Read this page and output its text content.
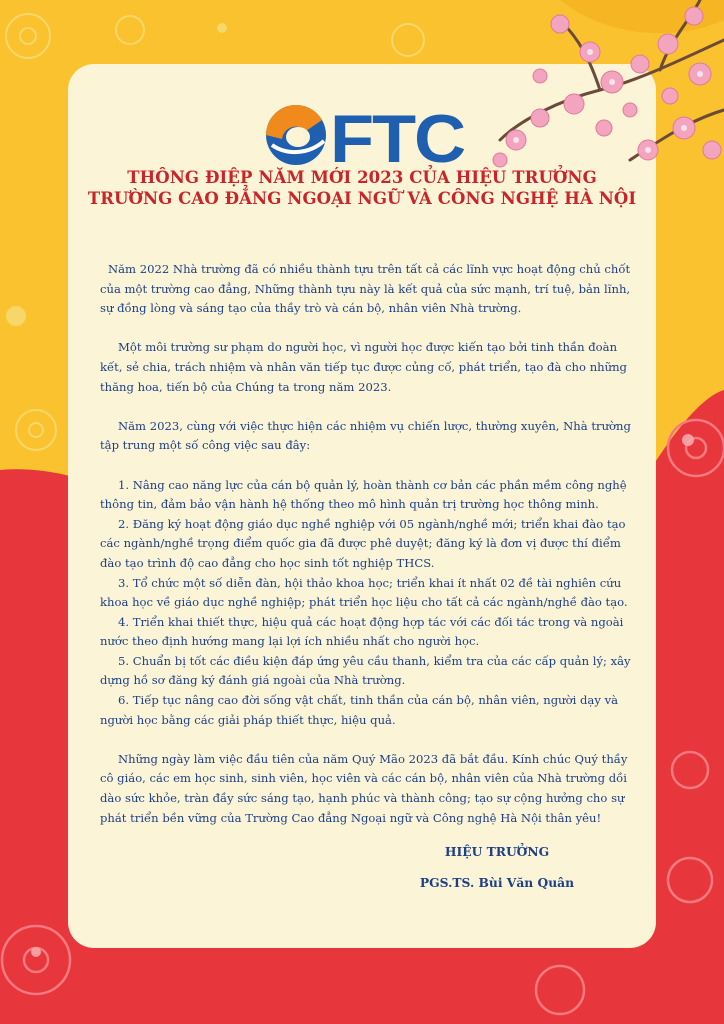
FTC
THÔNG ĐIỆP NĂM MỚI 2023 CỦA HIỆU TRƯỞNG
TRƯỜNG CAO ĐẲNG NGOẠI NGỮ VÀ CÔNG NGHỆ HÀ NỘI

Năm 2022 Nhà trường đã có nhiều thành tựu trên tất cả các lĩnh vực hoạt động chủ chốt của một trường cao đẳng, Những thành tựu này là kết quả của sức mạnh, trí tuệ, bản lĩnh, sự đồng lòng và sáng tạo của thầy trò và cán bộ, nhân viên Nhà trường.

Một môi trường sư phạm do người học, vì người học được kiến tạo bởi tinh thần đoàn kết, sẻ chia, trách nhiệm và nhân văn tiếp tục được củng cố, phát triển, tạo đà cho những thăng hoa, tiến bộ của Chúng ta trong năm 2023.

Năm 2023, cùng với việc thực hiện các nhiệm vụ chiến lược, thường xuyên, Nhà trường tập trung một số công việc sau đây:

1. Nâng cao năng lực của cán bộ quản lý, hoàn thành cơ bản các phần mềm công nghệ thông tin, đảm bảo vận hành hệ thống theo mô hình quản trị trường học thông minh.
2. Đăng ký hoạt động giáo dục nghề nghiệp với 05 ngành/nghề mới; triển khai đào tạo các ngành/nghề trọng điểm quốc gia đã được phê duyệt; đăng ký là đơn vị được thí điểm đào tạo trình độ cao đẳng cho học sinh tốt nghiệp THCS.
3. Tổ chức một số diễn đàn, hội thảo khoa học; triển khai ít nhất 02 đề tài nghiên cứu khoa học về giáo dục nghề nghiệp; phát triển học liệu cho tất cả các ngành/nghề đào tạo.
4. Triển khai thiết thực, hiệu quả các hoạt động hợp tác với các đối tác trong và ngoài nước theo định hướng mang lại lợi ích nhiều nhất cho người học.
5. Chuẩn bị tốt các điều kiện đáp ứng yêu cầu thanh, kiểm tra của các cấp quản lý; xây dựng hồ sơ đăng ký đánh giá ngoài của Nhà trường.
6. Tiếp tục nâng cao đời sống vật chất, tinh thần của cán bộ, nhân viên, người dạy và người học bằng các giải pháp thiết thực, hiệu quả.

Những ngày làm việc đầu tiên của năm Quý Mão 2023 đã bắt đầu. Kính chúc Quý thầy cô giáo, các em học sinh, sinh viên, học viên và các cán bộ, nhân viên của Nhà trường dồi dào sức khỏe, tràn đầy sức sáng tạo, hạnh phúc và thành công; tạo sự cộng hưởng cho sự phát triển bền vững của Trường Cao đẳng Ngoại ngữ và Công nghệ Hà Nội thân yêu!

HIỆU TRƯỞNG
PGS.TS. Bùi Văn Quân
